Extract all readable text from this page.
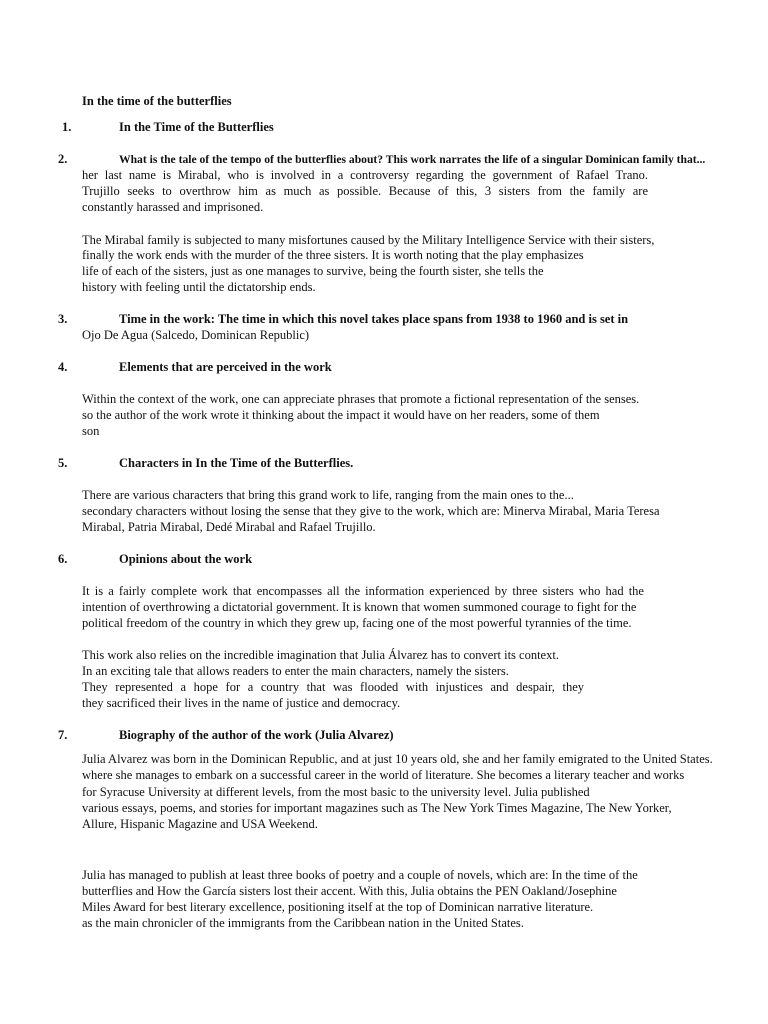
In the time of the butterflies
1.	In the Time of the Butterflies
2.	What is the tale of the tempo of the butterflies about? This work narrates the life of a singular Dominican family that...
her last name is Mirabal, who is involved in a controversy regarding the government of Rafael Trano.
Trujillo seeks to overthrow him as much as possible. Because of this, 3 sisters from the family are
constantly harassed and imprisoned.
The Mirabal family is subjected to many misfortunes caused by the Military Intelligence Service with their sisters,
finally the work ends with the murder of the three sisters. It is worth noting that the play emphasizes
life of each of the sisters, just as one manages to survive, being the fourth sister, she tells the
history with feeling until the dictatorship ends.
3.	Time in the work: The time in which this novel takes place spans from 1938 to 1960 and is set in
Ojo De Agua (Salcedo, Dominican Republic)
4.	Elements that are perceived in the work
Within the context of the work, one can appreciate phrases that promote a fictional representation of the senses.
so the author of the work wrote it thinking about the impact it would have on her readers, some of them
son
5.	Characters in In the Time of the Butterflies.
There are various characters that bring this grand work to life, ranging from the main ones to the...
secondary characters without losing the sense that they give to the work, which are: Minerva Mirabal, Maria Teresa
Mirabal, Patria Mirabal, Dedé Mirabal and Rafael Trujillo.
6.	Opinions about the work
It is a fairly complete work that encompasses all the information experienced by three sisters who had the
intention of overthrowing a dictatorial government. It is known that women summoned courage to fight for the
political freedom of the country in which they grew up, facing one of the most powerful tyrannies of the time.
This work also relies on the incredible imagination that Julia Álvarez has to convert its context.
In an exciting tale that allows readers to enter the main characters, namely the sisters.
They represented a hope for a country that was flooded with injustices and despair, they
they sacrificed their lives in the name of justice and democracy.
7.	Biography of the author of the work (Julia Alvarez)
Julia Alvarez was born in the Dominican Republic, and at just 10 years old, she and her family emigrated to the United States.
where she manages to embark on a successful career in the world of literature. She becomes a literary teacher and works
for Syracuse University at different levels, from the most basic to the university level. Julia published
various essays, poems, and stories for important magazines such as The New York Times Magazine, The New Yorker,
Allure, Hispanic Magazine and USA Weekend.
Julia has managed to publish at least three books of poetry and a couple of novels, which are: In the time of the
butterflies and How the García sisters lost their accent. With this, Julia obtains the PEN Oakland/Josephine
Miles Award for best literary excellence, positioning itself at the top of Dominican narrative literature.
as the main chronicler of the immigrants from the Caribbean nation in the United States.
